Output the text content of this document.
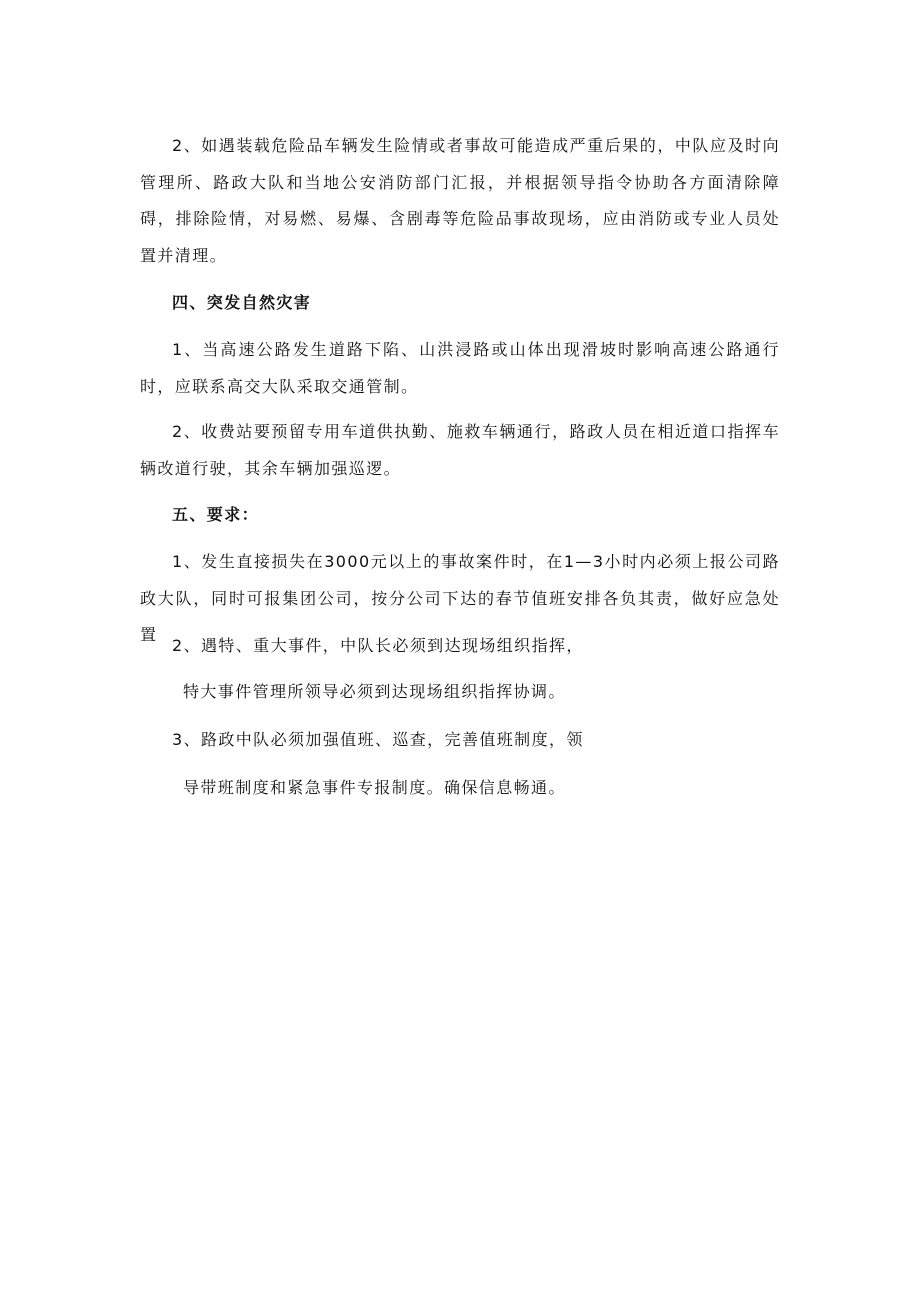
2、如遇装载危险品车辆发生险情或者事故可能造成严重后果的，中队应及时向管理所、路政大队和当地公安消防部门汇报，并根据领导指令协助各方面清除障碍，排除险情，对易燃、易爆、含剧毒等危险品事故现场，应由消防或专业人员处置并清理。

四、突发自然灾害

1、当高速公路发生道路下陷、山洪浸路或山体出现滑坡时影响高速公路通行时，应联系高交大队采取交通管制。

2、收费站要预留专用车道供执勤、施救车辆通行，路政人员在相近道口指挥车辆改道行驶，其余车辆加强巡逻。

五、要求：

1、发生直接损失在3000元以上的事故案件时，在1—3小时内必须上报公司路政大队，同时可报集团公司，按分公司下达的春节值班安排各负其责，做好应急处置

2、遇特、重大事件，中队长必须到达现场组织指挥，
特大事件管理所领导必须到达现场组织指挥协调。
3、路政中队必须加强值班、巡查，完善值班制度，领
导带班制度和紧急事件专报制度。确保信息畅通。
